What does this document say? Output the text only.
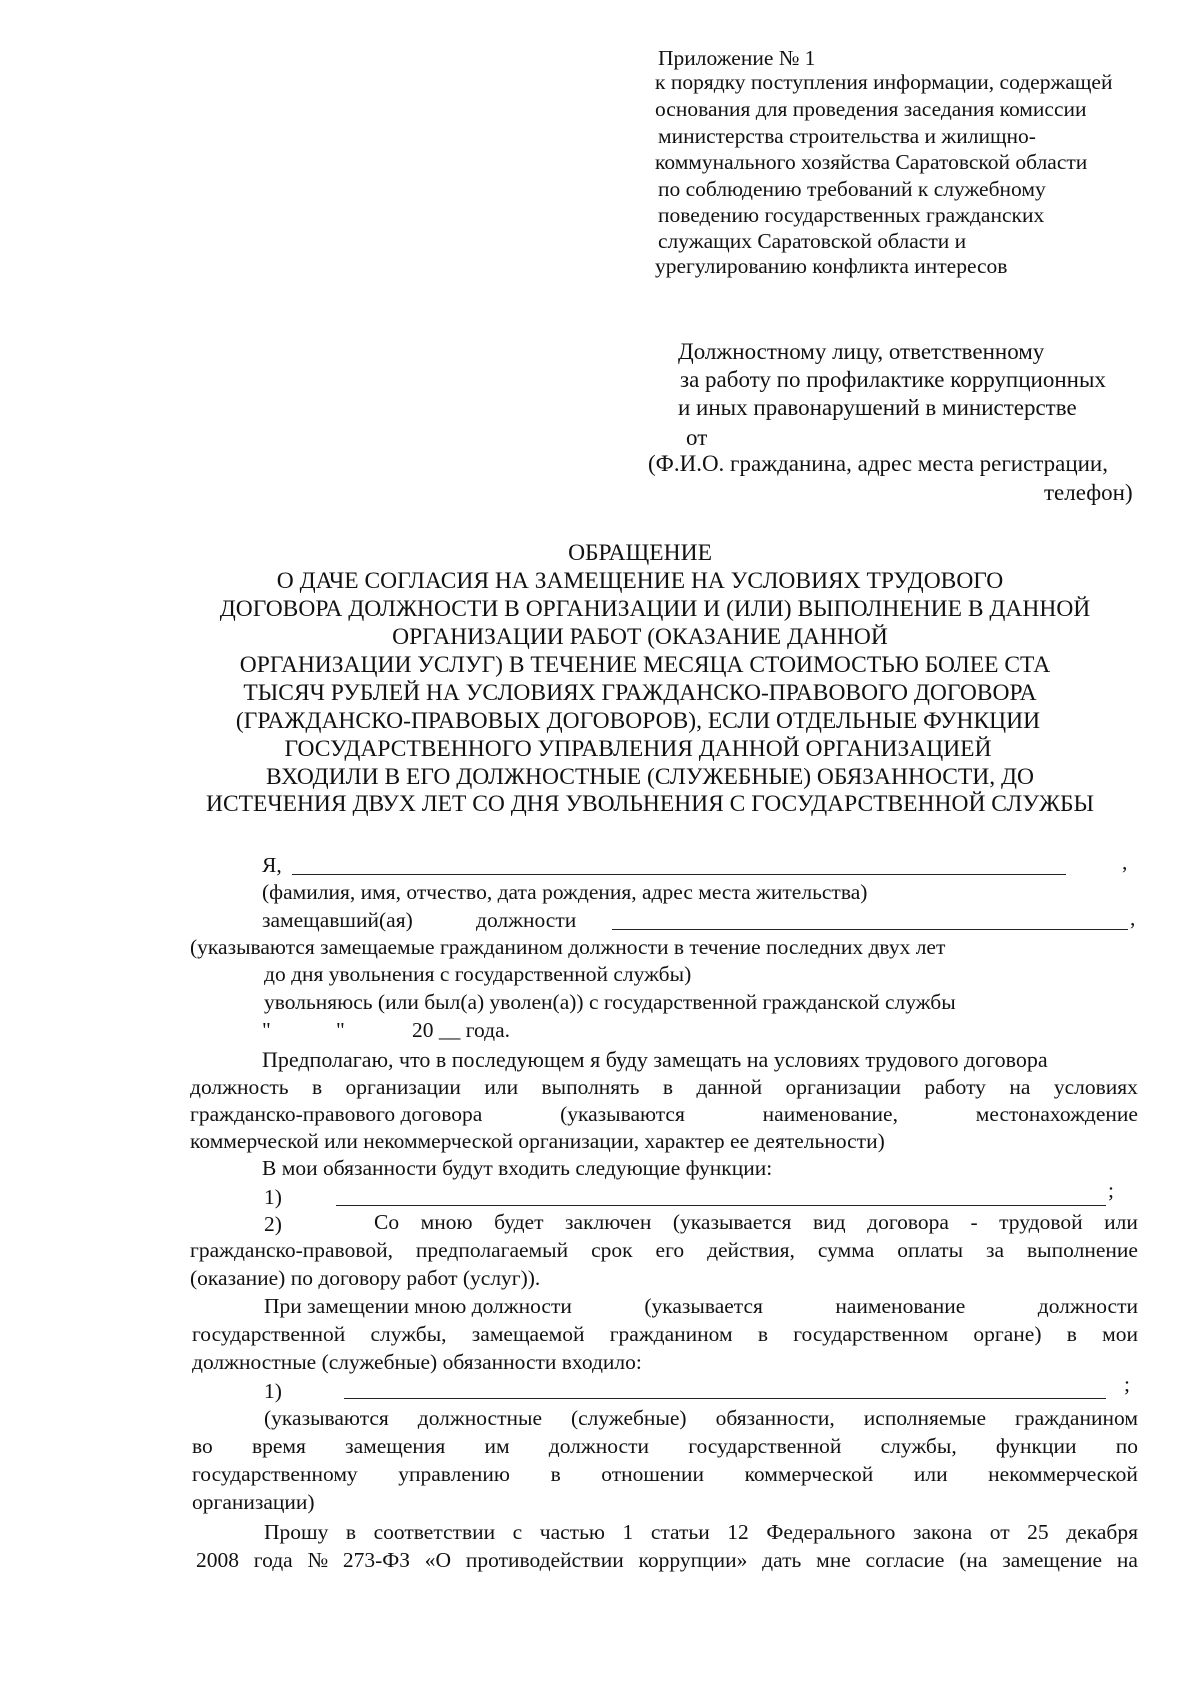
Приложение № 1
к порядку поступления информации, содержащей
основания для проведения заседания комиссии
министерства строительства и жилищно-
коммунального хозяйства Саратовской области
по соблюдению требований к служебному
поведению государственных гражданских
служащих Саратовской области и
урегулированию конфликта интересов
Должностному лицу, ответственному
за работу по профилактике коррупционных
и иных правонарушений в министерстве
от
(Ф.И.О. гражданина, адрес места регистрации,
телефон)
ОБРАЩЕНИЕ
О ДАЧЕ СОГЛАСИЯ НА ЗАМЕЩЕНИЕ НА УСЛОВИЯХ ТРУДОВОГО
ДОГОВОРА ДОЛЖНОСТИ В ОРГАНИЗАЦИИ И (ИЛИ) ВЫПОЛНЕНИЕ В ДАННОЙ
ОРГАНИЗАЦИИ РАБОТ (ОКАЗАНИЕ ДАННОЙ
ОРГАНИЗАЦИИ УСЛУГ) В ТЕЧЕНИЕ МЕСЯЦА СТОИМОСТЬЮ БОЛЕЕ СТА
ТЫСЯЧ РУБЛЕЙ НА УСЛОВИЯХ ГРАЖДАНСКО-ПРАВОВОГО ДОГОВОРА
(ГРАЖДАНСКО-ПРАВОВЫХ ДОГОВОРОВ), ЕСЛИ ОТДЕЛЬНЫЕ ФУНКЦИИ
ГОСУДАРСТВЕННОГО УПРАВЛЕНИЯ ДАННОЙ ОРГАНИЗАЦИЕЙ
ВХОДИЛИ В ЕГО ДОЛЖНОСТНЫЕ (СЛУЖЕБНЫЕ) ОБЯЗАННОСТИ, ДО
ИСТЕЧЕНИЯ ДВУХ ЛЕТ СО ДНЯ УВОЛЬНЕНИЯ С ГОСУДАРСТВЕННОЙ СЛУЖБЫ
Я,	,
(фамилия, имя, отчество, дата рождения, адрес места жительства)
замещавший(ая)	должности	,
(указываются замещаемые гражданином должности в течение последних двух лет
до дня увольнения с государственной службы)
увольняюсь (или был(а) уволен(а)) с государственной гражданской службы
"	"	20 __ года.
Предполагаю, что в последующем я буду замещать на условиях трудового договора
должность в организации или выполнять в данной организации работу на условиях
гражданско-правового договора	(указываются	наименование,	местонахождение
коммерческой или некоммерческой организации, характер ее деятельности)
В мои обязанности будут входить следующие функции:
1)	;
2)	Со мною будет заключен (указывается вид договора - трудовой или
гражданско-правовой, предполагаемый срок его действия, сумма оплаты за выполнение
(оказание) по договору работ (услуг)).
При замещении мною должности	(указывается	наименование	должности
государственной службы, замещаемой гражданином в государственном органе) в мои
должностные (служебные) обязанности входило:
1)	;
(указываются должностные (служебные) обязанности, исполняемые гражданином
во время замещения им должности государственной службы, функции по
государственному управлению в отношении коммерческой или некоммерческой
организации)
Прошу в соответствии с частью 1 статьи 12 Федерального закона от 25 декабря
2008 года № 273-ФЗ «О противодействии коррупции» дать мне согласие (на замещение на
